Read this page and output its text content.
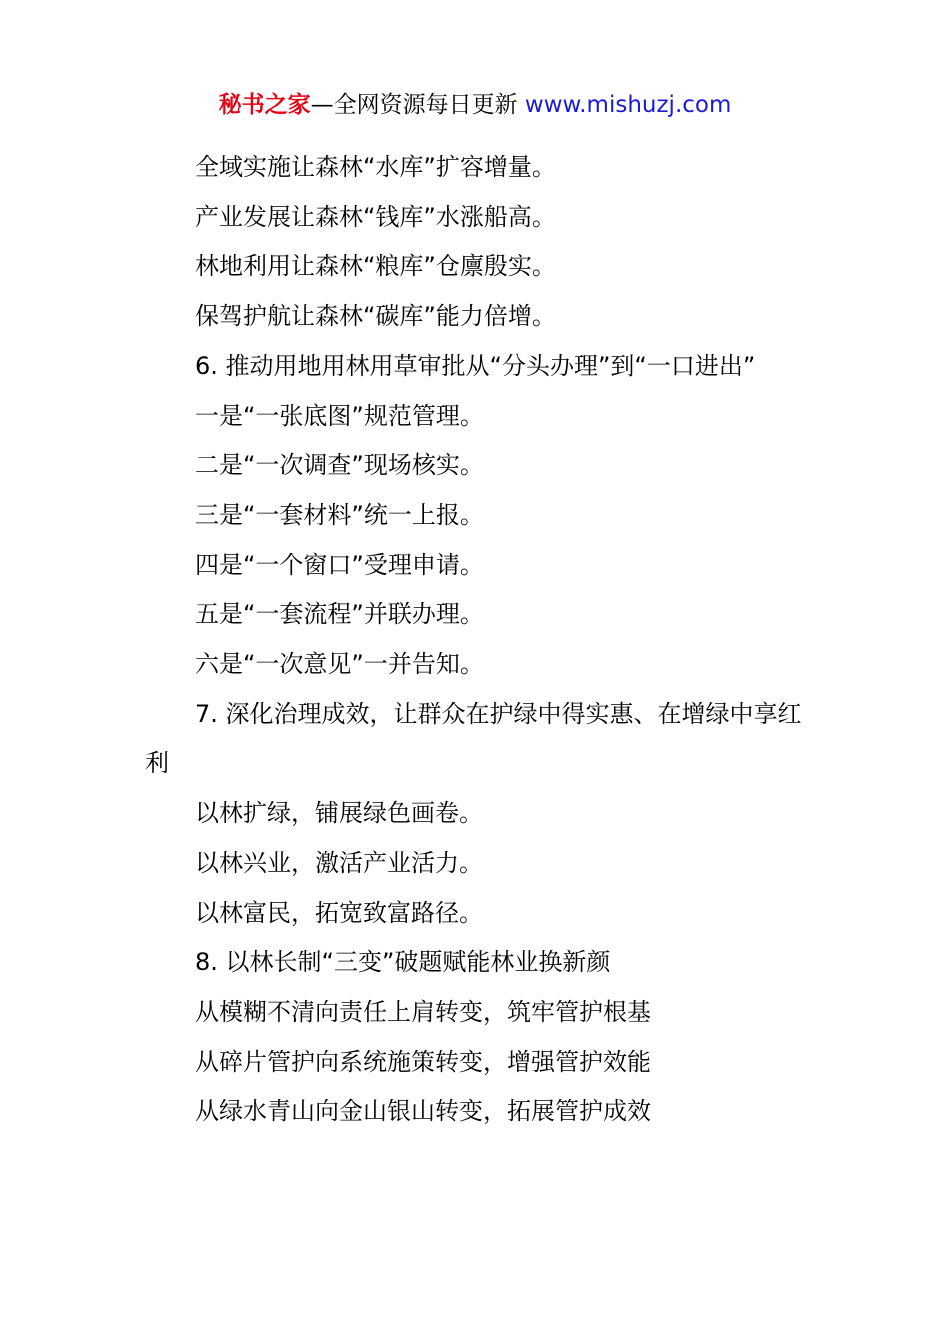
秘书之家—全网资源每日更新 www.mishuzj.com

全域实施让森林“水库”扩容增量。

产业发展让森林“钱库”水涨船高。

林地利用让森林“粮库”仓廪殷实。

保驾护航让森林“碳库”能力倍增。

6. 推动用地用林用草审批从“分头办理”到“一口进出”

一是“一张底图”规范管理。

二是“一次调查”现场核实。

三是“一套材料”统一上报。

四是“一个窗口”受理申请。

五是“一套流程”并联办理。

六是“一次意见”一并告知。

7. 深化治理成效，让群众在护绿中得实惠、在增绿中享红利

以林扩绿，铺展绿色画卷。

以林兴业，激活产业活力。

以林富民，拓宽致富路径。

8. 以林长制“三变”破题赋能林业换新颜

从模糊不清向责任上肩转变，筑牢管护根基

从碎片管护向系统施策转变，增强管护效能

从绿水青山向金山银山转变，拓展管护成效
